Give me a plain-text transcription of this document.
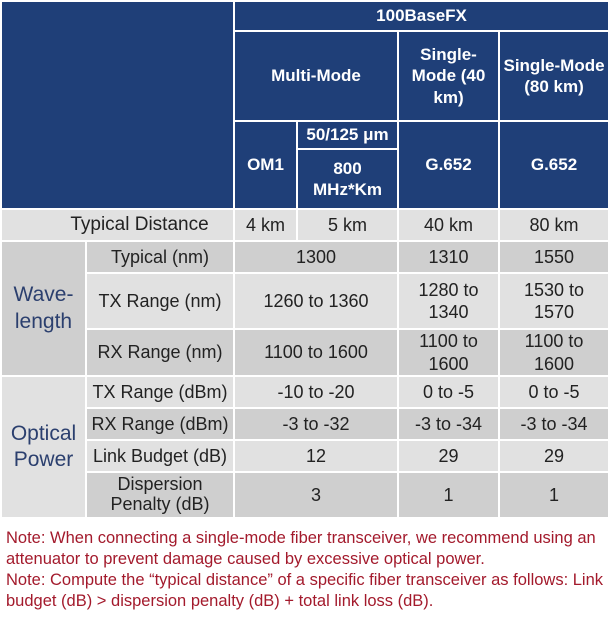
		100BaseFX			
		Multi-Mode		Single-Mode (40 km)	Single-Mode (80 km)

		OM1	50/125 μm	G.652	G.652
			800 MHz*Km		
Typical Distance		4 km	5 km	40 km	80 km
Wave-
length	Typical (nm)	1300		1310	1550
	TX Range (nm)	1260 to 1360		1280 to 1340	1530 to 1570

	RX Range (nm)	1100 to 1600		1100 to 1600	1100 to 1600

Optical
Power	TX Range (dBm)	-10 to -20		0 to -5	0 to -5
	RX Range (dBm)	-3 to -32		-3 to -34	-3 to -34
	Link Budget (dB)	12		29	29

	Dispersion Penalty (dB)	3		1	1

Note: When connecting a single-mode fiber transceiver, we recommend using an attenuator to prevent damage caused by excessive optical power.

Note: Compute the “typical distance” of a specific fiber transceiver as follows: Link budget (dB) > dispersion penalty (dB) + total link loss (dB).
